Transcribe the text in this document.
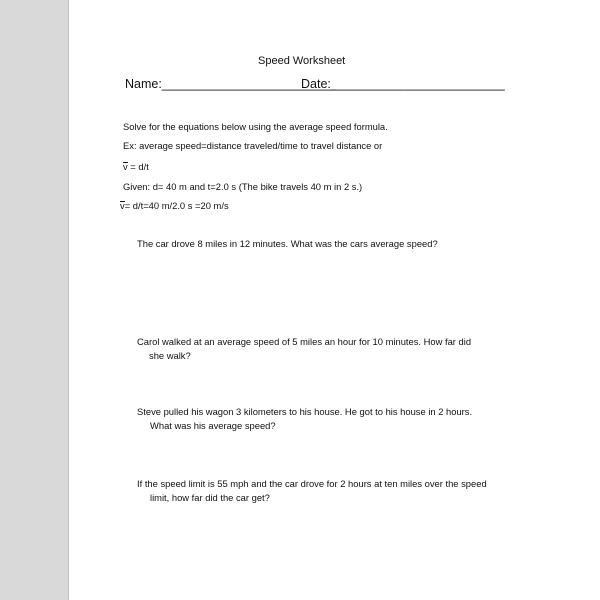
Speed Worksheet
Name:_________________________
Date:_________________________
Solve for the equations below using the average speed formula.
Ex: average speed=distance traveled/time to travel distance or
v = d/t
Given: d= 40 m and t=2.0 s (The bike travels 40 m in 2 s.)
v= d/t=40 m/2.0 s =20 m/s
The car drove 8 miles in 12 minutes. What was the cars average speed?
Carol walked at an average speed of 5 miles an hour for 10 minutes. How far did
she walk?
Steve pulled his wagon 3 kilometers to his house. He got to his house in 2 hours.
What was his average speed?
If the speed limit is 55 mph and the car drove for 2 hours at ten miles over the speed
limit, how far did the car get?
